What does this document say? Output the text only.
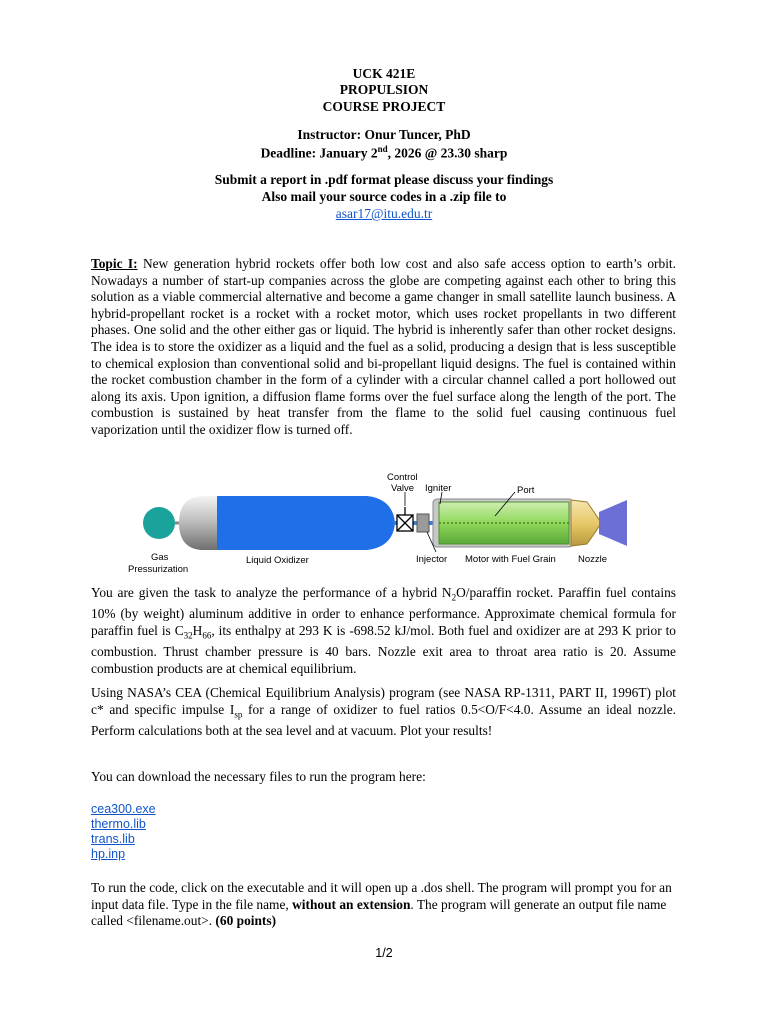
UCK 421E
PROPULSION
COURSE PROJECT
Instructor: Onur Tuncer, PhD
Deadline: January 2nd, 2026 @ 23.30 sharp
Submit a report in .pdf format please discuss your findings
Also mail your source codes in a .zip file to
asar17@itu.edu.tr

Topic I: New generation hybrid rockets offer both low cost and also safe access option to earth’s orbit. Nowadays a number of start-up companies across the globe are competing against each other to bring this solution as a viable commercial alternative and become a game changer in small satellite launch business. A hybrid-propellant rocket is a rocket with a rocket motor, which uses rocket propellants in two different phases. One solid and the other either gas or liquid. The hybrid is inherently safer than other rocket designs. The idea is to store the oxidizer as a liquid and the fuel as a solid, producing a design that is less susceptible to chemical explosion than conventional solid and bi-propellant liquid designs. The fuel is contained within the rocket combustion chamber in the form of a cylinder with a circular channel called a port hollowed out along its axis. Upon ignition, a diffusion flame forms over the fuel surface along the length of the port. The combustion is sustained by heat transfer from the flame to the solid fuel causing continuous fuel vaporization until the oxidizer flow is turned off.

Control
Valve Igniter	Port
Gas
Pressurization
Liquid Oxidizer	Injector Motor with Fuel Grain Nozzle

You are given the task to analyze the performance of a hybrid $N_2O$/paraffin rocket. Paraffin fuel contains 10% (by weight) aluminum additive in order to enhance performance. Approximate chemical formula for paraffin fuel is $C_{32}H_{66}$, its enthalpy at 293 K is -698.52 kJ/mol. Both fuel and oxidizer are at 293 K prior to combustion. Thrust chamber pressure is 40 bars. Nozzle exit area to throat area ratio is 20. Assume combustion products are at chemical equilibrium.

Using NASA’s CEA (Chemical Equilibrium Analysis) program (see NASA RP-1311, PART II, 1996T) plot c* and specific impulse $I_{sp}$ for a range of oxidizer to fuel ratios 0.5<O/F<4.0. Assume an ideal nozzle. Perform calculations both at the sea level and at vacuum. Plot your results!

You can download the necessary files to run the program here:
cea300.exe
thermo.lib
trans.lib
hp.inp

To run the code, click on the executable and it will open up a .dos shell. The program will prompt you for an input data file. Type in the file name, without an extension. The program will generate an output file name called <filename.out>. (60 points)

1/2
